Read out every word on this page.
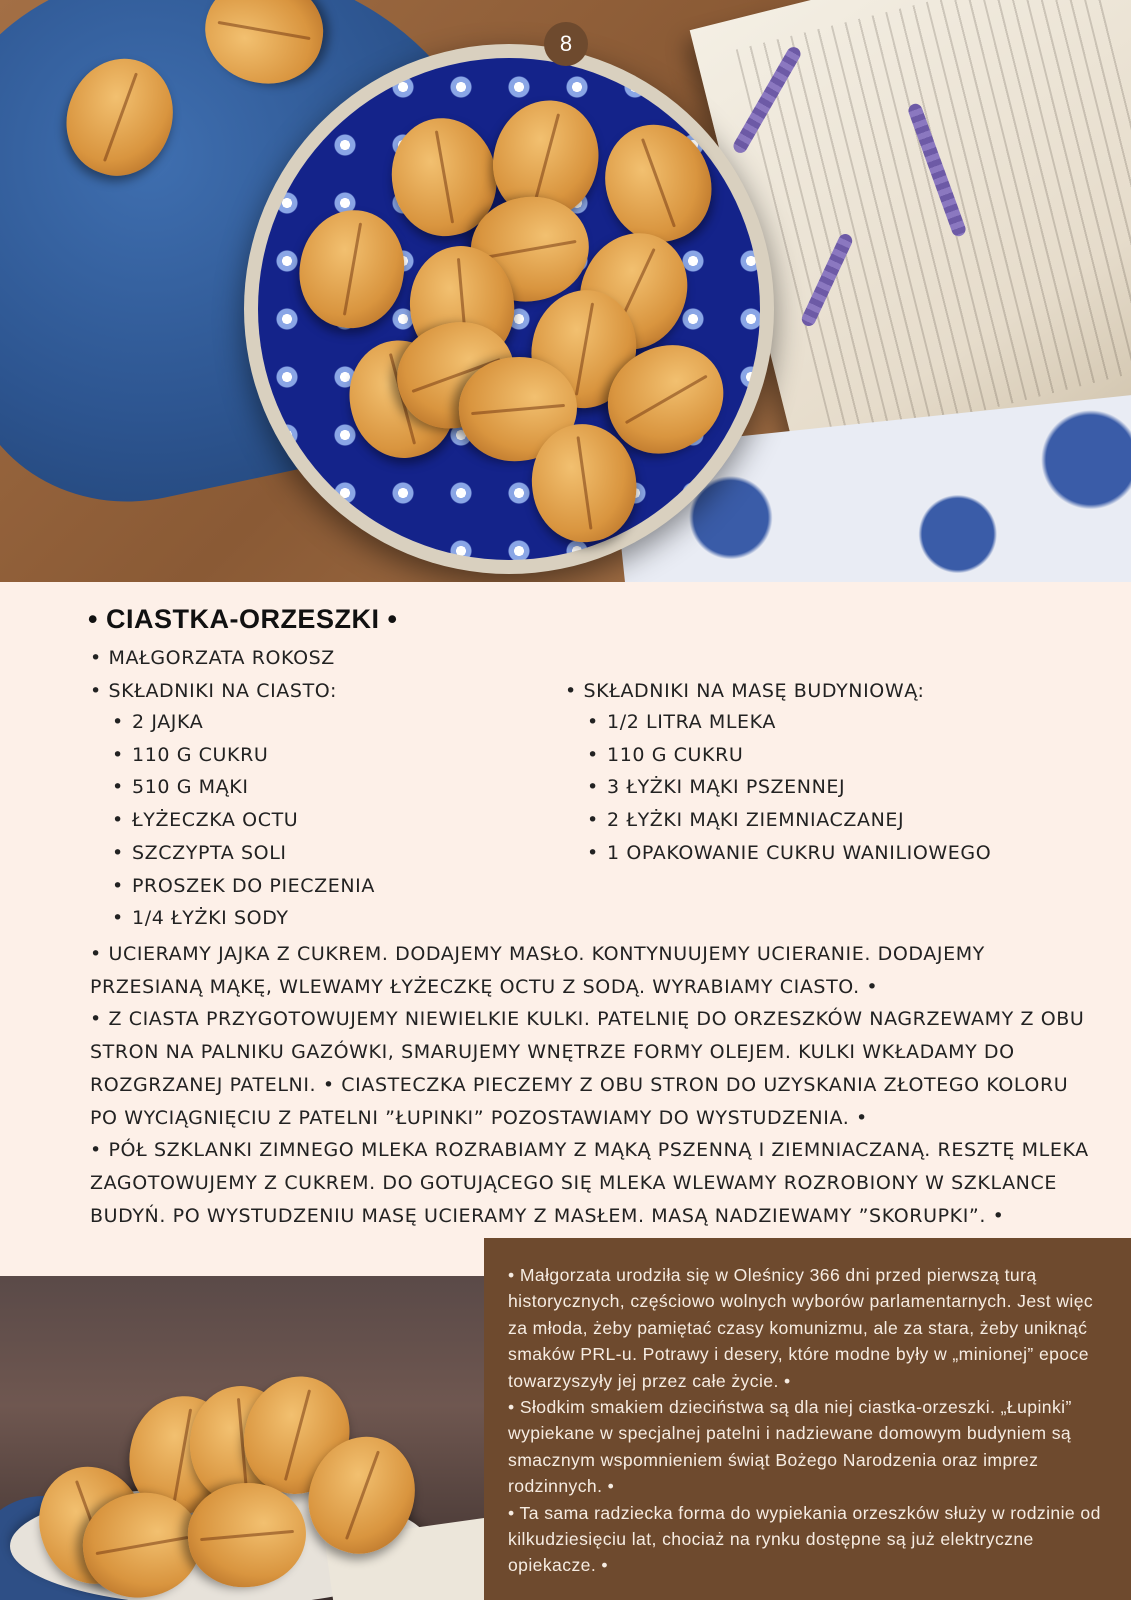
8
• CIASTKA-ORZESZKI •
• MAŁGORZATA ROKOSZ
• SKŁADNIKI NA CIASTO:
• 2 JAJKA
• 110 G CUKRU
• 510 G MĄKI
• ŁYŻECZKA OCTU
• SZCZYPTA SOLI
• PROSZEK DO PIECZENIA
• 1/4 ŁYŻKI SODY
• SKŁADNIKI NA MASĘ BUDYNIOWĄ:
• 1/2 LITRA MLEKA
• 110 G CUKRU
• 3 ŁYŻKI MĄKI PSZENNEJ
• 2 ŁYŻKI MĄKI ZIEMNIACZANEJ
• 1 OPAKOWANIE CUKRU WANILIOWEGO
• UCIERAMY JAJKA Z CUKREM. DODAJEMY MASŁO. KONTYNUUJEMY UCIERANIE. DODAJEMY PRZESIANĄ MĄKĘ, WLEWAMY ŁYŻECZKĘ OCTU Z SODĄ. WYRABIAMY CIASTO. •
• Z CIASTA PRZYGOTOWUJEMY NIEWIELKIE KULKI. PATELNIĘ DO ORZESZKÓW NAGRZEWAMY Z OBU STRON NA PALNIKU GAZÓWKI, SMARUJEMY WNĘTRZE FORMY OLEJEM. KULKI WKŁADAMY DO ROZGRZANEJ PATELNI. • CIASTECZKA PIECZEMY Z OBU STRON DO UZYSKANIA ZŁOTEGO KOLORU PO WYCIĄGNIĘCIU Z PATELNI ”ŁUPINKI” POZOSTAWIAMY DO WYSTUDZENIA. •
• PÓŁ SZKLANKI ZIMNEGO MLEKA ROZRABIAMY Z MĄKĄ PSZENNĄ I ZIEMNIACZANĄ. RESZTĘ MLEKA ZAGOTOWUJEMY Z CUKREM. DO GOTUJĄCEGO SIĘ MLEKA WLEWAMY ROZROBIONY W SZKLANCE BUDYŃ. PO WYSTUDZENIU MASĘ UCIERAMY Z MASŁEM. MASĄ NADZIEWAMY ”SKORUPKI”. •
• Małgorzata urodziła się w Oleśnicy 366 dni przed pierwszą turą historycznych, częściowo wolnych wyborów parlamentarnych. Jest więc za młoda, żeby pamiętać czasy komunizmu, ale za stara, żeby uniknąć smaków PRL-u. Potrawy i desery, które modne były w „minionej” epoce towarzyszyły jej przez całe życie. •
• Słodkim smakiem dzieciństwa są dla niej ciastka-orzeszki. „Łupinki” wypiekane w specjalnej patelni i nadziewane domowym budyniem są smacznym wspomnieniem świąt Bożego Narodzenia oraz imprez rodzinnych. •
• Ta sama radziecka forma do wypiekania orzeszków służy w rodzinie od kilkudziesięciu lat, chociaż na rynku dostępne są już elektryczne opiekacze. •
